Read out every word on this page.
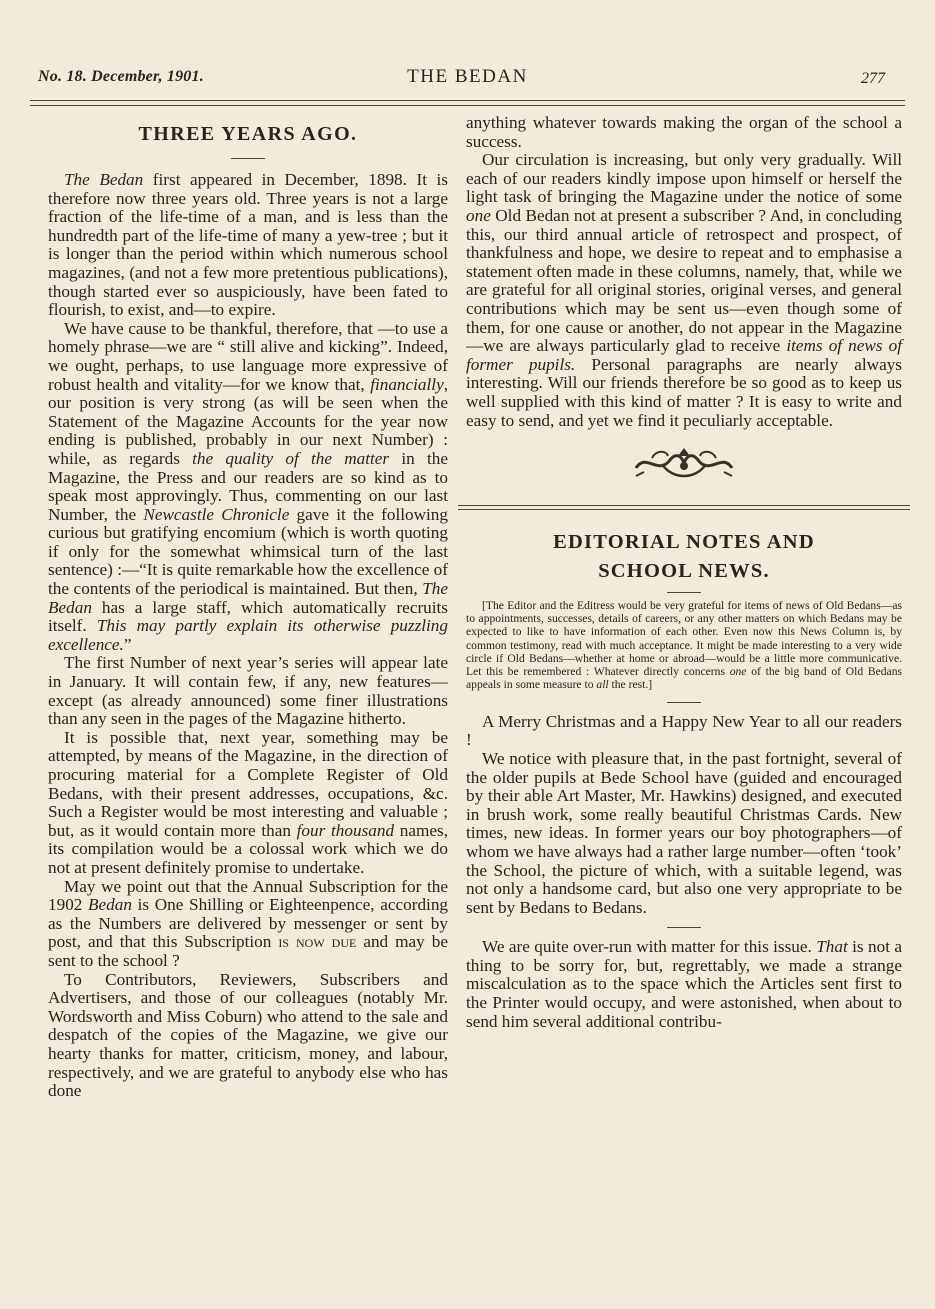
No. 18. December, 1901.	THE BEDAN	277
THREE YEARS AGO.

The Bedan first appeared in December, 1898. It is therefore now three years old. Three years is not a large fraction of the life-time of a man, and is less than the hundredth part of the life-time of many a yew-tree ; but it is longer than the period within which numerous school magazines, (and not a few more pretentious publications), though started ever so auspiciously, have been fated to flourish, to exist, and—to expire.

We have cause to be thankful, therefore, that —to use a homely phrase—we are “ still alive and kicking”. Indeed, we ought, perhaps, to use language more expressive of robust health and vitality—for we know that, financially, our position is very strong (as will be seen when the Statement of the Magazine Accounts for the year now ending is published, probably in our next Number) : while, as regards the quality of the matter in the Magazine, the Press and our readers are so kind as to speak most approvingly. Thus, commenting on our last Number, the Newcastle Chronicle gave it the following curious but gratifying encomium (which is worth quoting if only for the somewhat whimsical turn of the last sentence) :—“It is quite remarkable how the excellence of the contents of the periodical is maintained. But then, The Bedan has a large staff, which automatically recruits itself. This may partly explain its otherwise puzzling excellence.”

The first Number of next year’s series will appear late in January. It will contain few, if any, new features—except (as already announced) some finer illustrations than any seen in the pages of the Magazine hitherto.

It is possible that, next year, something may be attempted, by means of the Magazine, in the direction of procuring material for a Complete Register of Old Bedans, with their present addresses, occupations, &c. Such a Register would be most interesting and valuable ; but, as it would contain more than four thousand names, its compilation would be a colossal work which we do not at present definitely promise to undertake.

May we point out that the Annual Subscription for the 1902 Bedan is One Shilling or Eighteenpence, according as the Numbers are delivered by messenger or sent by post, and that this Subscription is now due and may be sent to the school ?

To Contributors, Reviewers, Subscribers and Advertisers, and those of our colleagues (notably Mr. Wordsworth and Miss Coburn) who attend to the sale and despatch of the copies of the Magazine, we give our hearty thanks for matter, criticism, money, and labour, respectively, and we are grateful to anybody else who has done

anything whatever towards making the organ of the school a success.

Our circulation is increasing, but only very gradually. Will each of our readers kindly impose upon himself or herself the light task of bringing the Magazine under the notice of some one Old Bedan not at present a subscriber ? And, in concluding this, our third annual article of retrospect and prospect, of thankfulness and hope, we desire to repeat and to emphasise a statement often made in these columns, namely, that, while we are grateful for all original stories, original verses, and general contributions which may be sent us—even though some of them, for one cause or another, do not appear in the Magazine—we are always particularly glad to receive items of news of former pupils. Personal paragraphs are nearly always interesting. Will our friends therefore be so good as to keep us well supplied with this kind of matter ? It is easy to write and easy to send, and yet we find it peculiarly acceptable.

EDITORIAL NOTES AND
SCHOOL NEWS.

[The Editor and the Editress would be very grateful for items of news of Old Bedans—as to appointments, successes, details of careers, or any other matters on which Bedans may be expected to like to have information of each other. Even now this News Column is, by common testimony, read with much acceptance. It might be made interesting to a very wide circle if Old Bedans—whether at home or abroad—would be a little more communicative. Let this be remembered : Whatever directly concerns one of the big band of Old Bedans appeals in some measure to all the rest.]

A Merry Christmas and a Happy New Year to all our readers !

We notice with pleasure that, in the past fortnight, several of the older pupils at Bede School have (guided and encouraged by their able Art Master, Mr. Hawkins) designed, and executed in brush work, some really beautiful Christmas Cards. New times, new ideas. In former years our boy photographers—of whom we have always had a rather large number—often ‘took’ the School, the picture of which, with a suitable legend, was not only a handsome card, but also one very appropriate to be sent by Bedans to Bedans.

We are quite over-run with matter for this issue. That is not a thing to be sorry for, but, regrettably, we made a strange miscalculation as to the space which the Articles sent first to the Printer would occupy, and were astonished, when about to send him several additional contribu-
